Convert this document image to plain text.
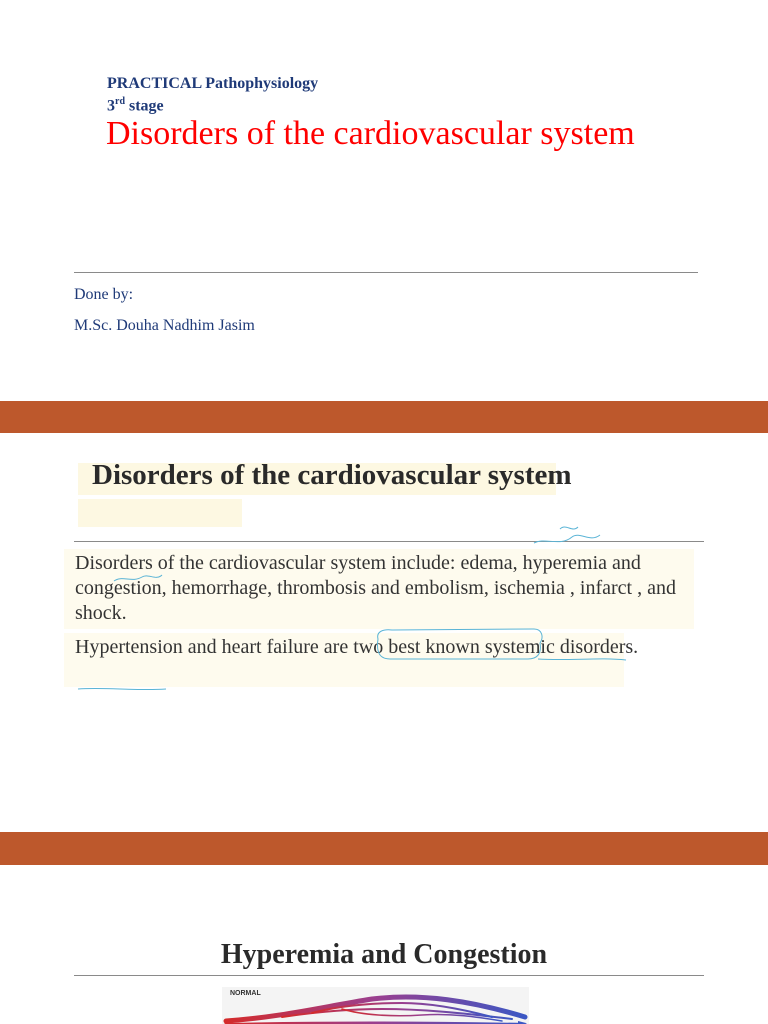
PRACTICAL Pathophysiology
3rd stage
Disorders of the cardiovascular system
Done by:
M.Sc. Douha Nadhim Jasim
Disorders of the cardiovascular system
Disorders of the cardiovascular system include: edema, hyperemia and congestion, hemorrhage, thrombosis and embolism, ischemia , infarct , and shock.
Hypertension and heart failure are two best known systemic disorders.
Hyperemia and Congestion
NORMAL
